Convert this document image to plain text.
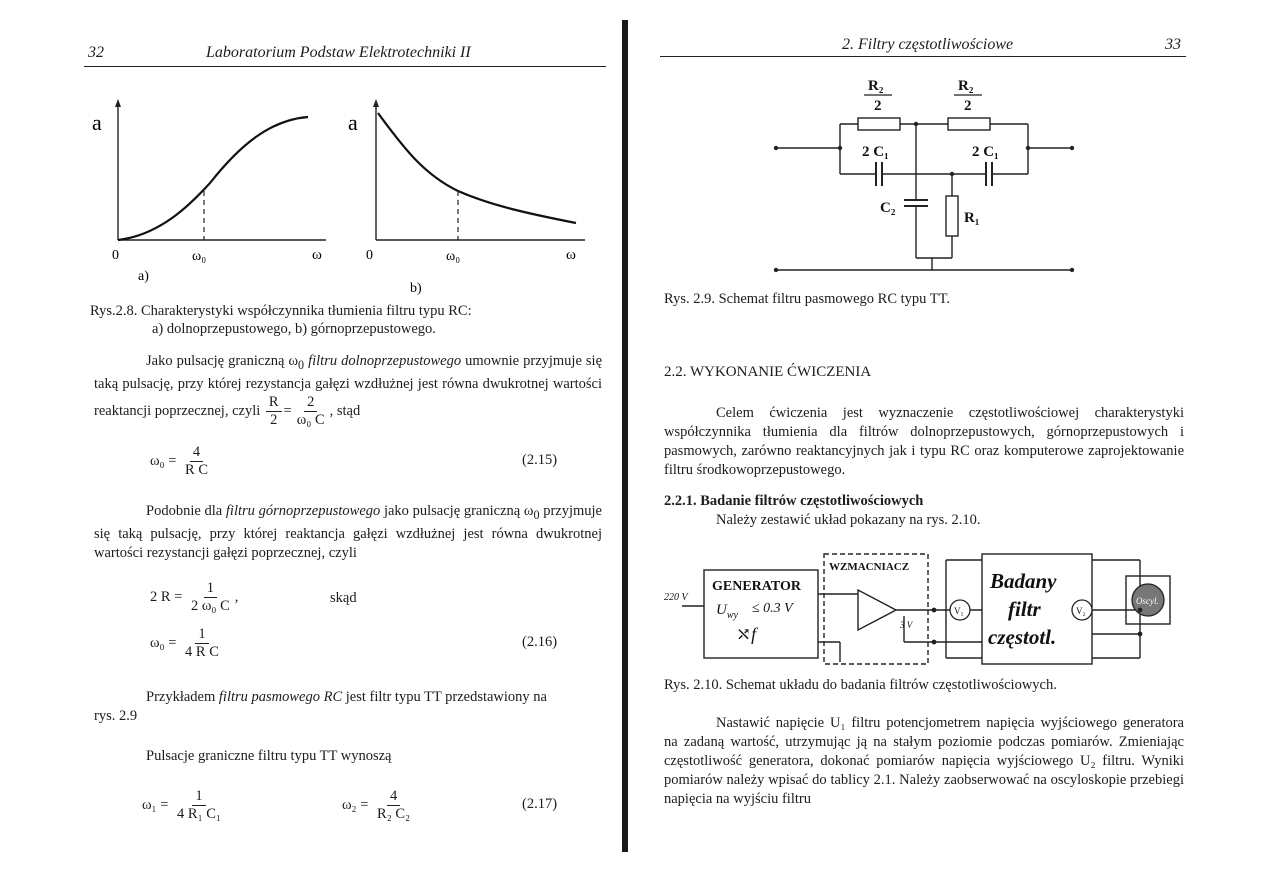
32	Laboratorium Podstaw Elektrotechniki II
a
0	ω₀	ω
a)
a
0	ω₀	ω
b)
Rys.2.8. Charakterystyki współczynnika tłumienia filtru typu RC:
a) dolnoprzepustowego, b) górnoprzepustowego.
Jako pulsację graniczną $\omega_0$ filtru dolnoprzepustowego umownie przyjmuje się taką pulsację, przy której rezystancja gałęzi wzdłużnej jest równa dwukrotnej wartości reaktancji poprzecznej, czyli $\frac{R}{2} = \frac{2}{\text{ω₀ C}}$ , stąd
$\omega_0 = \frac{4}{\text{R C}}$	(2.15)
Podobnie dla filtru górnoprzepustowego jako pulsację graniczną $\omega_0$ przyjmuje się taką pulsację, przy której reaktancja gałęzi wzdłużnej jest równa dwukrotnej wartości rezystancji gałęzi poprzecznej, czyli
2 $R = \frac{1}{\text{2 ω₀ C}}$ ,	skąd
$\omega_0 = \frac{1}{\text{4 R C}}$	(2.16)
Przykładem filtru pasmowego RC jest filtr typu TT przedstawiony na
rys. 2.9
Pulsacje graniczne filtru typu TT wynoszą
$\omega_1 = \frac{1}{\text{4 R₁ C₁}}$	$\omega_2 = \frac{4}{\text{R₂ C₂}}$	(2.17)
2. Filtry częstotliwościowe	33
R₂
2
R₂
2
2 C₁	2 C₁
C₂
R₁
Rys. 2.9. Schemat filtru pasmowego RC typu TT.
2.2. WYKONANIE ĆWICZENIA
Celem ćwiczenia jest wyznaczenie częstotliwościowej charakterystyki współczynnika tłumienia dla filtrów dolnoprzepustowych, górnoprzepustowych i pasmowych, zarówno reaktancyjnych jak i typu RC oraz komputerowe zaprojektowanie filtru środkowoprzepustowego.
2.2.1. Badanie filtrów częstotliwościowych
Należy zestawić układ pokazany na rys. 2.10.
GENERATOR
$U_{wy} \le 0.3$ V
⤯f
220 V
WZMACNIACZ
3 V
V₁	V₂
Badany
filtr
częstotl.
Oscyl.
Rys. 2.10. Schemat układu do badania filtrów częstotliwościowych.
Nastawić napięcie U₁ filtru potencjometrem napięcia wyjściowego generatora na zadaną wartość, utrzymując ją na stałym poziomie podczas pomiarów. Zmieniając częstotliwość generatora, dokonać pomiarów napięcia wyjściowego U₂ filtru. Wyniki pomiarów należy wpisać do tablicy 2.1. Należy zaobserwować na oscyloskopie przebiegi napięcia na wyjściu filtru
